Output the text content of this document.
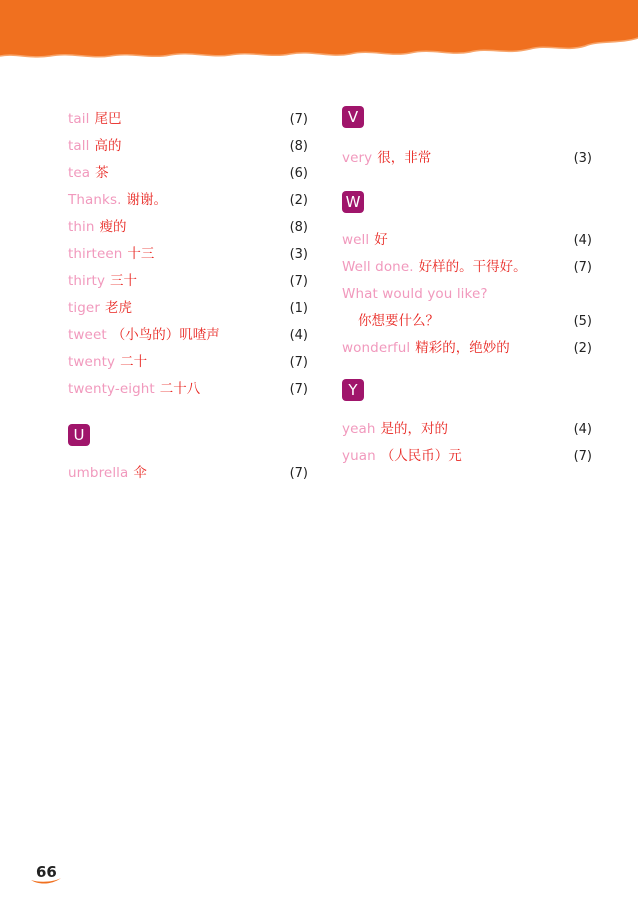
tail 尾巴	(7)
tall 高的	(8)
tea 茶	(6)
Thanks. 谢谢。	(2)
thin 瘦的	(8)
thirteen 十三	(3)
thirty 三十	(7)
tiger 老虎	(1)
tweet （小鸟的）叽喳声	(4)
twenty 二十	(7)
twenty-eight 二十八	(7)
U
umbrella 伞	(7)
V
very 很，非常	(3)
W
well 好	(4)
Well done. 好样的。干得好。	(7)
What would you like?
你想要什么？	(5)
wonderful 精彩的，绝妙的	(2)
Y
yeah 是的，对的	(4)
yuan （人民币）元	(7)
66
